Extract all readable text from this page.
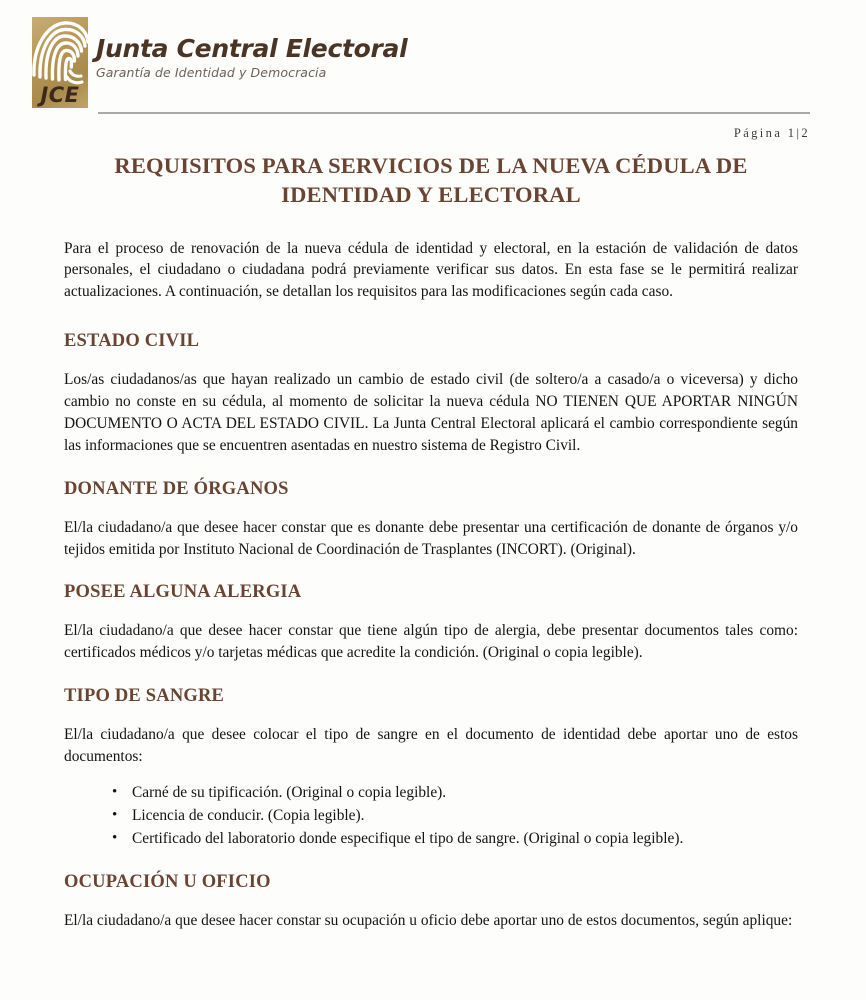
JCE
Junta Central Electoral
Garantía de Identidad y Democracia
Página 1|2
REQUISITOS PARA SERVICIOS DE LA NUEVA CÉDULA DE IDENTIDAD Y ELECTORAL

Para el proceso de renovación de la nueva cédula de identidad y electoral, en la estación de validación de datos personales, el ciudadano o ciudadana podrá previamente verificar sus datos. En esta fase se le permitirá realizar actualizaciones. A continuación, se detallan los requisitos para las modificaciones según cada caso.

ESTADO CIVIL

Los/as ciudadanos/as que hayan realizado un cambio de estado civil (de soltero/a a casado/a o viceversa) y dicho cambio no conste en su cédula, al momento de solicitar la nueva cédula NO TIENEN QUE APORTAR NINGÚN DOCUMENTO O ACTA DEL ESTADO CIVIL. La Junta Central Electoral aplicará el cambio correspondiente según las informaciones que se encuentren asentadas en nuestro sistema de Registro Civil.

DONANTE DE ÓRGANOS

El/la ciudadano/a que desee hacer constar que es donante debe presentar una certificación de donante de órganos y/o tejidos emitida por Instituto Nacional de Coordinación de Trasplantes (INCORT). (Original).

POSEE ALGUNA ALERGIA

El/la ciudadano/a que desee hacer constar que tiene algún tipo de alergia, debe presentar documentos tales como: certificados médicos y/o tarjetas médicas que acredite la condición. (Original o copia legible).

TIPO DE SANGRE

El/la ciudadano/a que desee colocar el tipo de sangre en el documento de identidad debe aportar uno de estos documentos:

• Carné de su tipificación. (Original o copia legible).
• Licencia de conducir. (Copia legible).
• Certificado del laboratorio donde especifique el tipo de sangre. (Original o copia legible).
OCUPACIÓN U OFICIO

El/la ciudadano/a que desee hacer constar su ocupación u oficio debe aportar uno de estos documentos, según aplique:
